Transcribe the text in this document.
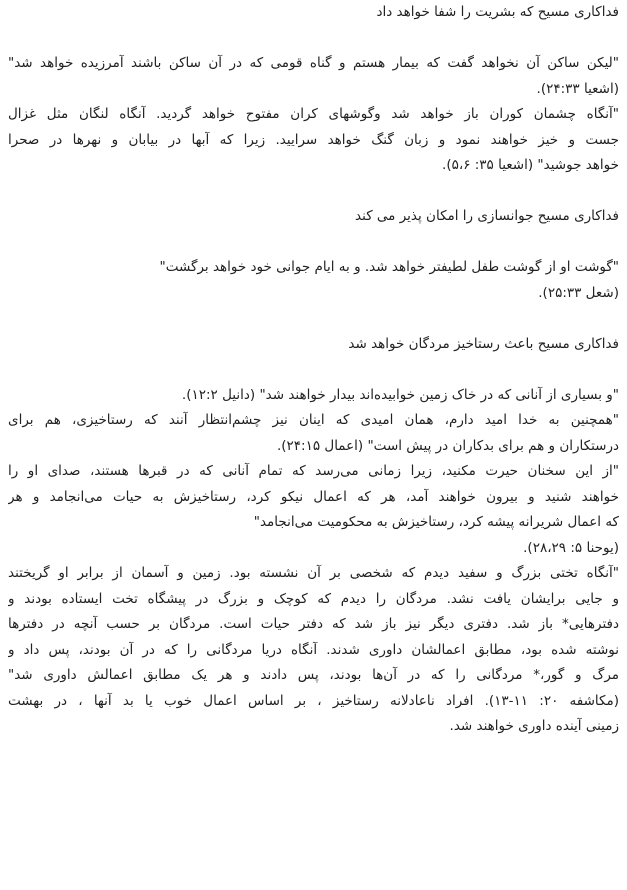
فداکاری مسیح که بشریت را شفا خواهد داد
"لیکن ساکن آن نخواهد گفت که بیمار هستم و گناه قومی که در آن ساکن باشند آمرزیده خواهد شد"
(اشعیا ۲۴:۳۳).
"آنگاه چشمان کوران باز خواهد شد وگوشهای کران مفتوح خواهد گردید. آنگاه لنگان مثل غزال
جست و خیز خواهند نمود و زبان گنگ خواهد سرایید. زیرا که آبها در بیابان و نهرها در صحرا
خواهد جوشید" (اشعیا ۳۵: ۵،۶).
فداکاری مسیح جوانسازی را امکان پذیر می کند
"گوشت او از گوشت طفل لطیفتر خواهد شد. و به ایام جوانی خود خواهد برگشت"
(شعل ۲۵:۳۳).
فداکاری مسیح باعث رستاخیز مردگان خواهد شد
"و بسیاری از آنانی که در خاک زمین خوابیده‌اند بیدار خواهند شد" (دانیل ۱۲:۲).
"همچنین به خدا امید دارم، همان امیدی که اینان نیز چشم‌انتظار آنند که رستاخیزی، هم برای
درستکاران و هم برای بدکاران در پیش است" (اعمال ۲۴:۱۵).
"از این سخنان حیرت مکنید، زیرا زمانی می‌رسد که تمام آنانی که در قبرها هستند، صدای او را
خواهند شنید و بیرون خواهند آمد، هر که اعمال نیکو کرد، رستاخیزش به حیات می‌انجامد و هر
که اعمال شریرانه پیشه کرد، رستاخیزش به محکومیت می‌انجامد"
(یوحنا ۵: ۲۸،۲۹).
"آنگاه تختی بزرگ و سفید دیدم که شخصی بر آن نشسته بود. زمین و آسمان از برابر او گریختند
و جایی برایشان یافت نشد. مردگان را دیدم که کوچک و بزرگ در پیشگاه تخت ایستاده بودند و
دفترهایی* باز شد. دفتری دیگر نیز باز شد که دفتر حیات است. مردگان بر حسب آنچه در دفترها
نوشته شده بود، مطابق اعمالشان داوری شدند. آنگاه دریا مردگانی را که در آن بودند، پس داد و
مرگ و گور،* مردگانی را که در آن‌ها بودند، پس دادند و هر یک مطابق اعمالش داوری شد"
(مکاشفه ۲۰: ۱۱-۱۳). افراد ناعادلانه رستاخیز ، بر اساس اعمال خوب یا بد آنها ، در بهشت
زمینی آینده داوری خواهند شد.
